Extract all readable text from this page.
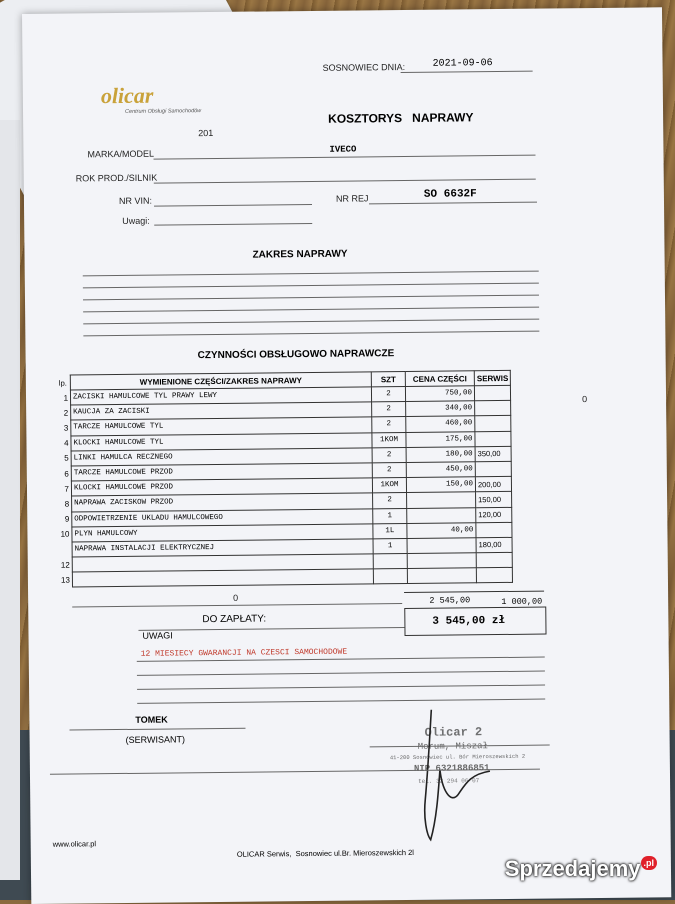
SOSNOWIEC DNIA:	2021-09-06
olicar
Centrum Obsługi Samochodów	KOSZTORYS   NAPRAWY
201
MARKA/MODEL	IVECO
ROK PROD./SILNIK
NR VIN:	NR REJ	SO 6632F
Uwagi:
ZAKRES NAPRAWY
CZYNNOŚCI OBSŁUGOWO NAPRAWCZE
lp.	WYMIENIONE CZĘŚCI/ZAKRES NAPRAWY	SZT	CENA CZĘŚCI	SERWIS
1	ZACISKI HAMULCOWE TYL PRAWY LEWY	2	750,00	
2	KAUCJA ZA ZACISKI	2	340,00	
3	TARCZE HAMULCOWE TYL	2	460,00	
4	KLOCKI HAMULCOWE TYL	1KOM	175,00	
5	LINKI HAMULCA RECZNEGO	2	180,00	350,00
6	TARCZE HAMULCOWE PRZOD	2	450,00	
7	KLOCKI HAMULCOWE PRZOD	1KOM	150,00	200,00
8	NAPRAWA ZACISKOW PRZOD	2		150,00
9	ODPOWIETRZENIE UKLADU HAMULCOWEGO	1		120,00
10	PLYN HAMULCOWY	1L	40,00	
	NAPRAWA INSTALACJI ELEKTRYCZNEJ	1		180,00
12				
13				
0
0	2 545,00	1 000,00
DO ZAPŁATY:	3 545,00 zł
UWAGI
12 MIESIECY GWARANCJI NA CZESCI SAMOCHODOWE
TOMEK
(SERWISANT)	Olicar 2
Morum, Miszał
41-200 Sosnowiec ul. Bór Mieroszewskich 2
NIP 6321886851
tel. 32 294 06 07
www.olicar.pl
OLICAR Serwis,  Sosnowiec ul.Br. Mieroszewskich 2l
Sprzedajemy .pl
